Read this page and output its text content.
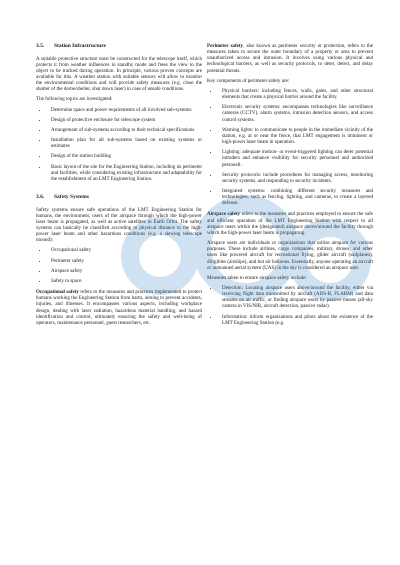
3.5. Station Infrastructure

A suitable protective structure must be constructed for the telescope itself, which protects it from weather influences in standby mode and frees the view to the object to be tracked during operation. In principle, various proven concepts are available for this. A weather station with suitable sensors will allow to monitor the environmental conditions and will provide safety measures (e.g. close the shutter of the dome/shelter, shut down laser) in case of unsafe conditions.

The following topics are investigated:

• Determine space and power requirements of all involved sub-systems
• Design of protective enclosure for telescope system
• Arrangement of sub-systems according to their technical specifications
• Installation plan for all sub-systems based on existing systems or estimates
• Design of the station building
• Basic layout of the site for the Engineering Station, including its perimeter and facilities, while considering existing infrastructure and adaptability for the establishment of an LMT Engineering Station.
3.6. Safety Systems

Safety systems ensure safe operations of the LMT Engineering Station for humans, the environment, users of the airspace through which the high-power laser beam is propagated, as well as active satellites in Earth Orbit. The safety systems can basically be classified according to physical distance to the high-power laser beam and other hazardous conditions (e.g. a slewing telescope mound):

• Occupational safety
• Perimeter safety
• Airspace safety
• Safety in space

Occupational safety refers to the measures and practices implemented to protect humans working the Engineering Station from harm, aiming to prevent accidents, injuries, and illnesses. It encompasses various aspects, including workplace design, dealing with laser radiation, hazardous material handling, and hazard identification and control, ultimately ensuring the safety and well-being of operators, maintenance personnel, guest researchers, etc.

Perimeter safety, also known as perimeter security or protection, refers to the measures taken to secure the outer boundary of a property or area to prevent unauthorized access and intrusion. It involves using various physical and technological barriers, as well as security protocols, to deter, detect, and delay potential threats.

Key components of perimeter safety are:

• Physical barriers: including fences, walls, gates, and other structural elements that create a physical barrier around the facility.
• Electronic security systems: encompasses technologies like surveillance cameras (CCTV), alarm systems, intrusion detection sensors, and access control systems.
• Warning lights: to communicate to people in the immediate vicinity of the station, e.g. at or near the fence, that LMT engagement is imminent or high-power laser beam in operation.
• Lighting: adequate motion- or event-triggered lighting can deter potential intruders and enhance visibility for security personnel and authorized personell.
• Security protocols: include procedures for managing access, monitoring security systems, and responding to security incidents.
• Integrated systems: combining different security measures and technologies, such as fencing, lighting, and cameras, to create a layered defense.

Airspace safety refers to the measures and practices employed to ensure the safe and efficient operation of the LMT Engineering Station with respect to all airspace users within the (designated) airspace above/around the facility through which the high-power laser beam is propagating.

Airspace users are individuals or organizations that utilize airspace for various purposes. These include airlines, cargo companies, military, drones, and other users like powered aircraft for recreational flying, glider aircraft (sailplanes), dirigibles (airships), and hot air balloons. Essentially, anyone operating an aircraft or unmanned aerial system (UAS) in the sky is considered an airspace user.

Measures taken to ensure airspace safety include:

• Detection: Locating airspace users above/around the facility, either via receiving flight data transmitted by aircraft (ADS-B, FLARM) and data streams on air traffic, or finding airspace users by passive means (all-sky camera in VIS/NIR, aircraft detection, passive radar).
• Information: inform organizations and pilots about the existence of the LMT Engineering Station (e.g.
